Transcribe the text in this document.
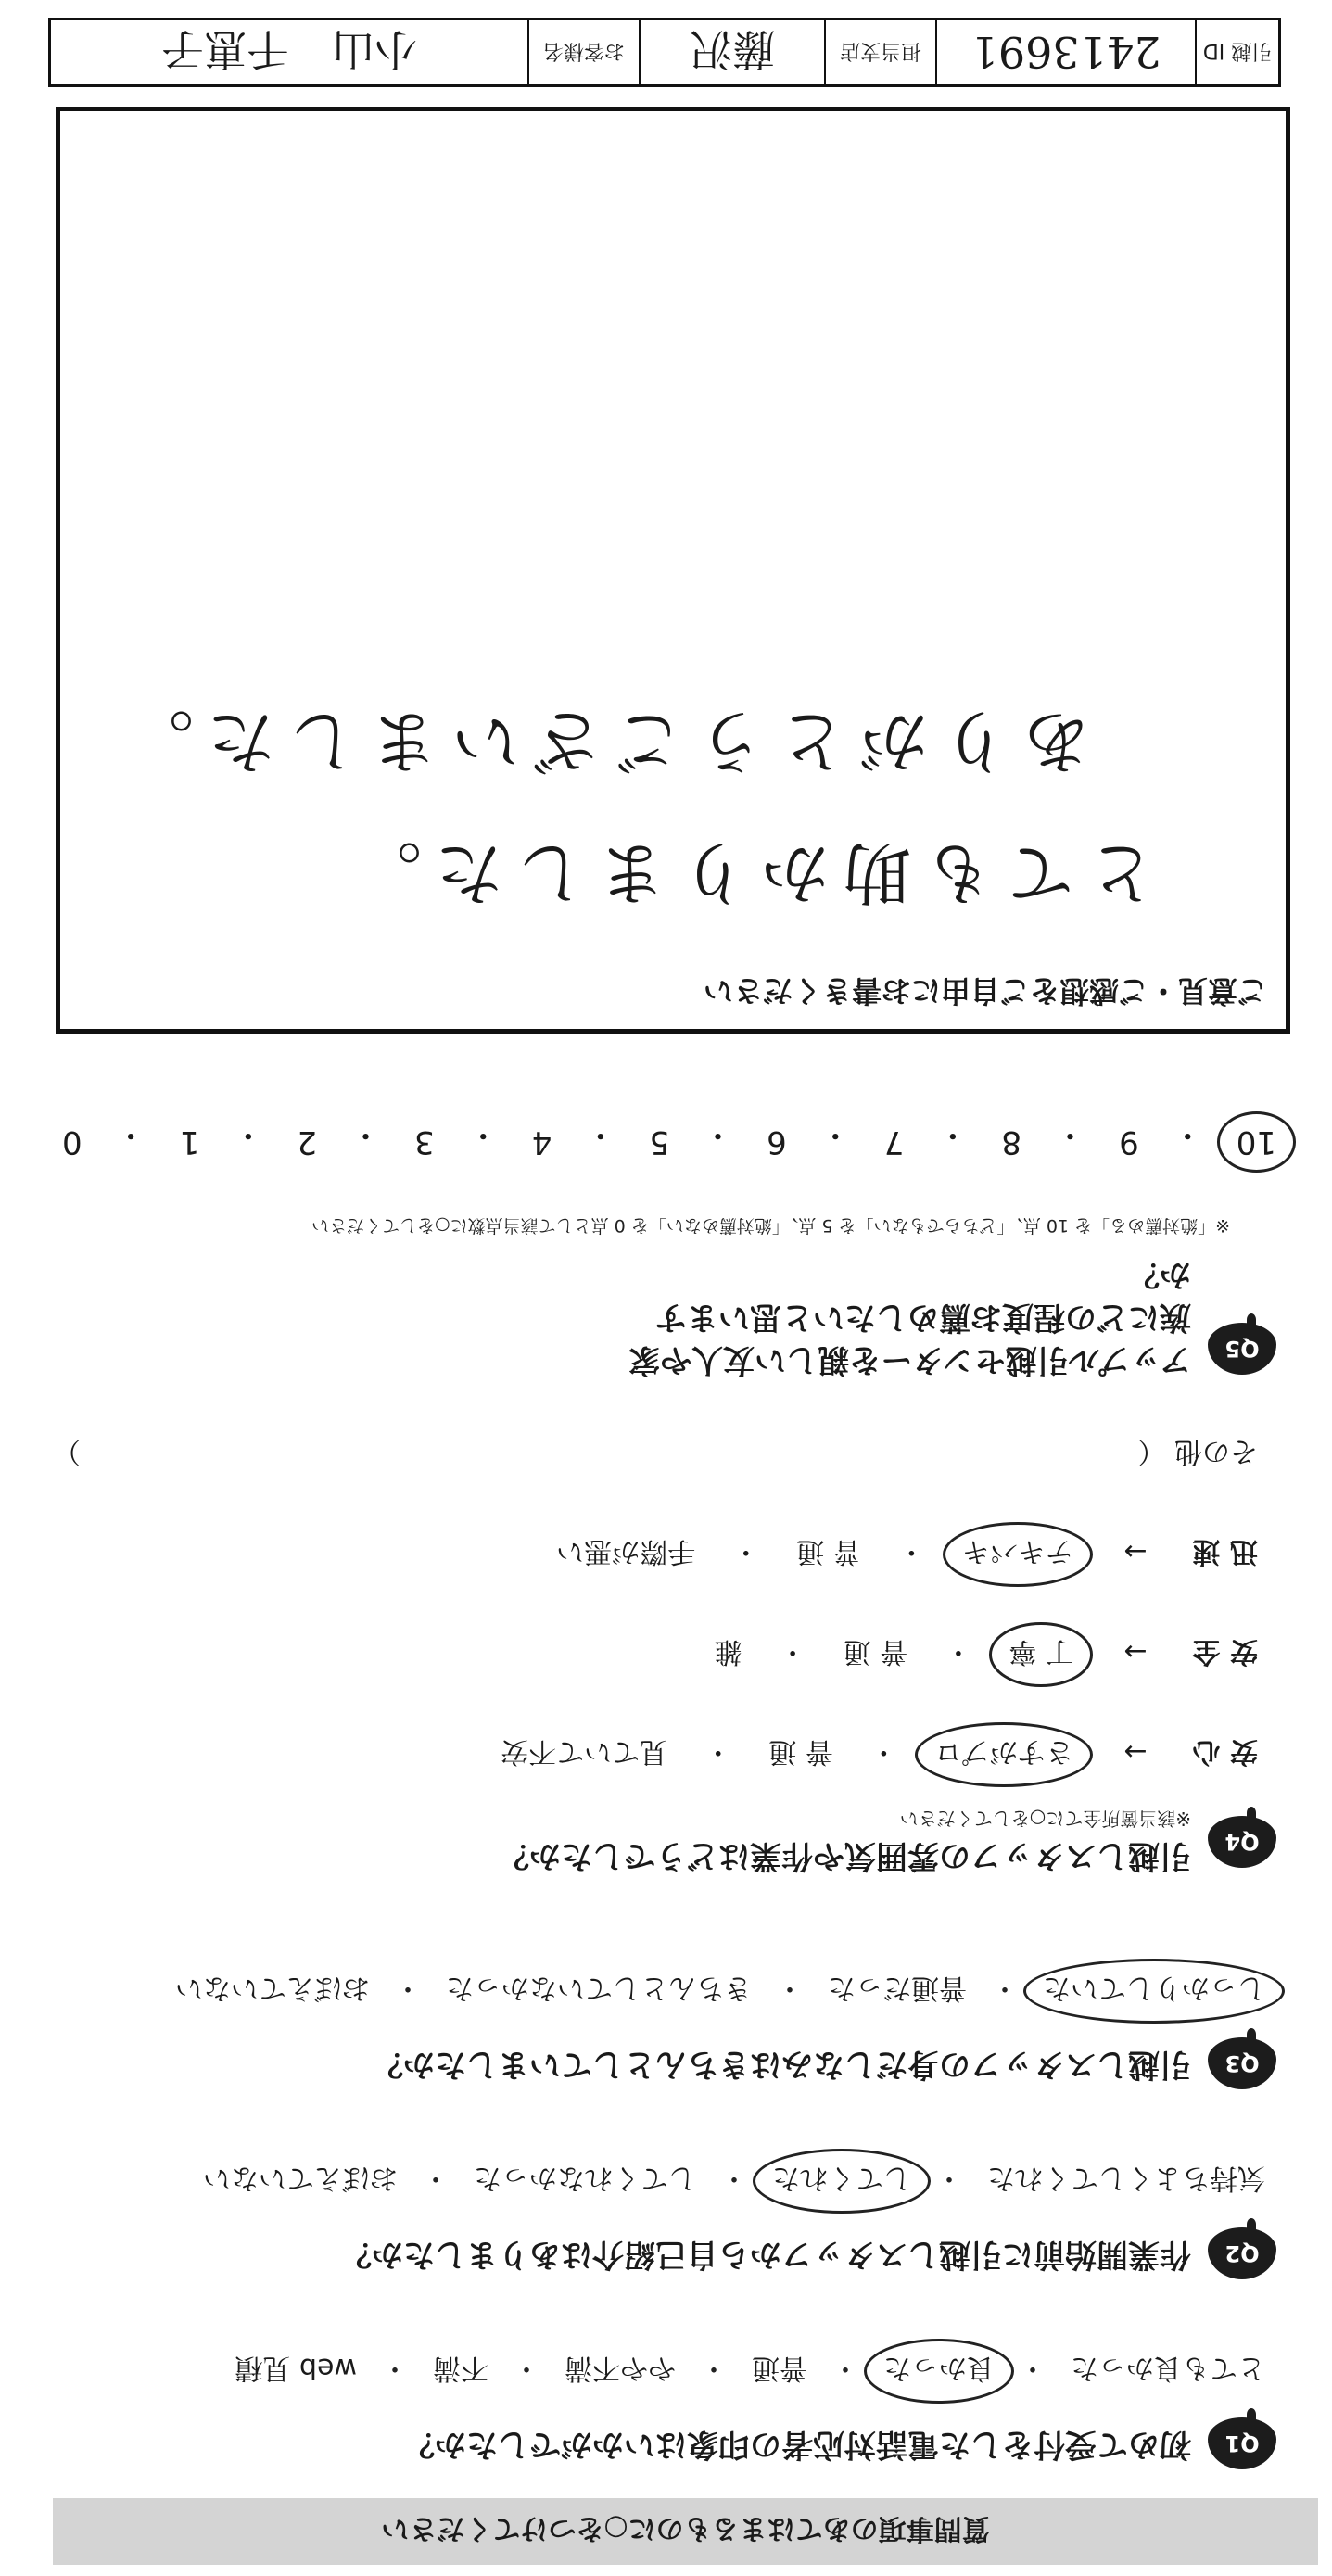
質問事項のあてはまるものに○をつけてください
Q1
初めて受付をした電話対応者の印象はいかがでしたか？
とても良かった
・
良かった
・
普通
・
やや不満
・
不満
・
web 見積
Q2
作業開始前に引越しスタッフから自己紹介はありましたか？
気持ちよくしてくれた
・
してくれた
・
してくれなかった
・
おぼえていない
Q3
引越しスタッフの身だしなみはきちんとしていましたか？
しっかりしていた
・
普通だった
・
きちんとしていなかった
・
おぼえていない
Q4
引越しスタッフの雰囲気や作業はどうでしたか？
※該当箇所全てに○をしてください
安 心 → さすがプロ ・ 普 通 ・ 見ていて不安
安 全 → 丁 寧 ・ 普 通 ・ 雑
迅 速 → テキパキ ・ 普 通 ・ 手際が悪い
その他 （
）
Q5
アップル引越センターを親しい友人や家族にどの程度お薦めしたいと思いますか？
※「絶対薦める」を 10 点、「どちらでもない」を 5 点、「絶対薦めない」を 0 点として該当点数に○をしてください
10
・
9
・
8
・
7
・
6
・
5
・
4
・
3
・
2
・
1
・
0
ご意見・ご感想をご自由にお書きください
とても助かりました。
ありがとうございました。
引越 ID
2413691
担当支店
藤沢
お客様名
小山　千恵子
